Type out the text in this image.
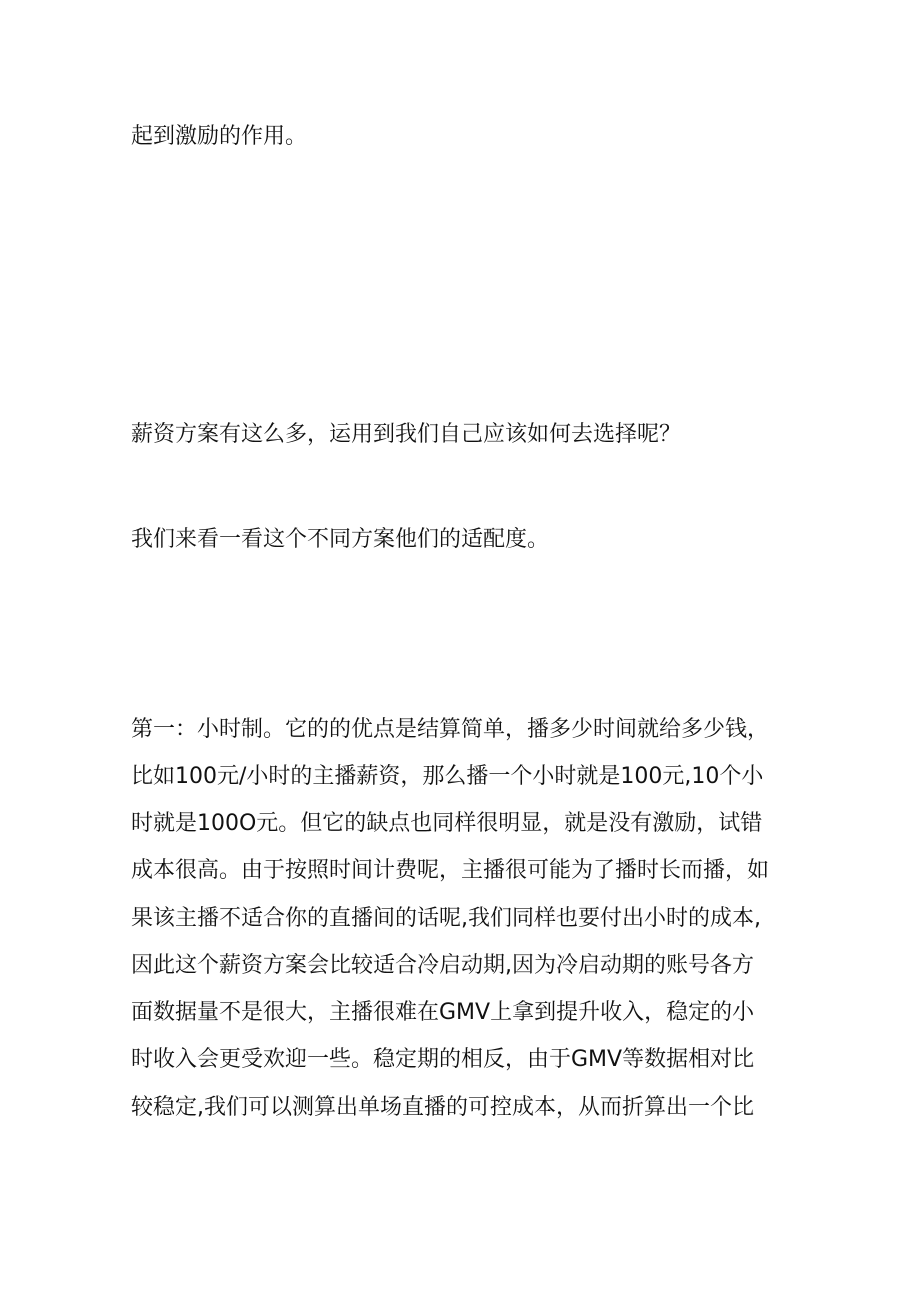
起到激励的作用。
薪资方案有这么多，运用到我们自己应该如何去选择呢？
我们来看一看这个不同方案他们的适配度。
第一：小时制。它的的优点是结算简单，播多少时间就给多少钱，
比如100元/小时的主播薪资，那么播一个小时就是100元,10个小
时就是100O元。但它的缺点也同样很明显，就是没有激励，试错
成本很高。由于按照时间计费呢，主播很可能为了播时长而播，如
果该主播不适合你的直播间的话呢,我们同样也要付出小时的成本,
因此这个薪资方案会比较适合冷启动期,因为冷启动期的账号各方
面数据量不是很大，主播很难在GMV上拿到提升收入，稳定的小
时收入会更受欢迎一些。稳定期的相反，由于GMV等数据相对比
较稳定,我们可以测算出单场直播的可控成本，从而折算出一个比
